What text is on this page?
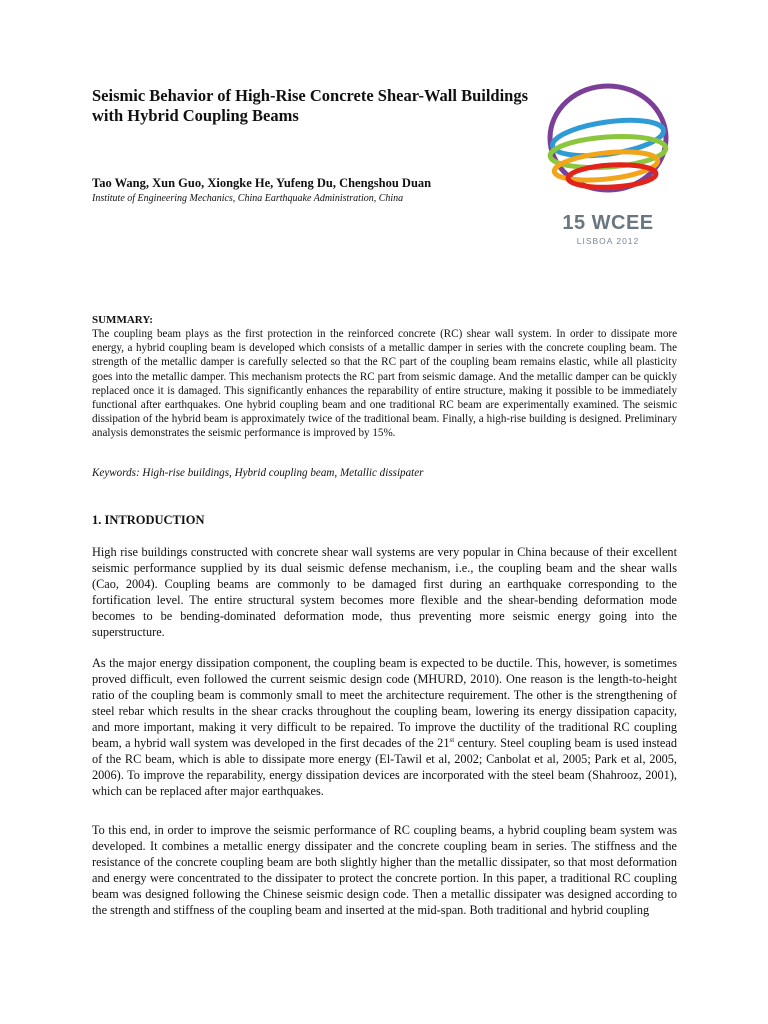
Seismic Behavior of High-Rise Concrete Shear-Wall Buildings with Hybrid Coupling Beams

Tao Wang, Xun Guo, Xiongke He, Yufeng Du, Chengshou Duan

Institute of Engineering Mechanics, China Earthquake Administration, China

15 WCEE
LISBOA 2012
SUMMARY:

The coupling beam plays as the first protection in the reinforced concrete (RC) shear wall system. In order to dissipate more energy, a hybrid coupling beam is developed which consists of a metallic damper in series with the concrete coupling beam. The strength of the metallic damper is carefully selected so that the RC part of the coupling beam remains elastic, while all plasticity goes into the metallic damper. This mechanism protects the RC part from seismic damage. And the metallic damper can be quickly replaced once it is damaged. This significantly enhances the reparability of entire structure, making it possible to be immediately functional after earthquakes. One hybrid coupling beam and one traditional RC beam are experimentally examined. The seismic dissipation of the hybrid beam is approximately twice of the traditional beam. Finally, a high-rise building is designed. Preliminary analysis demonstrates the seismic performance is improved by 15%.

Keywords: High-rise buildings, Hybrid coupling beam, Metallic dissipater

1. INTRODUCTION

High rise buildings constructed with concrete shear wall systems are very popular in China because of their excellent seismic performance supplied by its dual seismic defense mechanism, i.e., the coupling beam and the shear walls (Cao, 2004). Coupling beams are commonly to be damaged first during an earthquake corresponding to the fortification level. The entire structural system becomes more flexible and the shear-bending deformation mode becomes to be bending-dominated deformation mode, thus preventing more seismic energy going into the superstructure.

As the major energy dissipation component, the coupling beam is expected to be ductile. This, however, is sometimes proved difficult, even followed the current seismic design code (MHURD, 2010). One reason is the length-to-height ratio of the coupling beam is commonly small to meet the architecture requirement. The other is the strengthening of steel rebar which results in the shear cracks throughout the coupling beam, lowering its energy dissipation capacity, and more important, making it very difficult to be repaired. To improve the ductility of the traditional RC coupling beam, a hybrid wall system was developed in the first decades of the 21st century. Steel coupling beam is used instead of the RC beam, which is able to dissipate more energy (El-Tawil et al, 2002; Canbolat et al, 2005; Park et al, 2005, 2006). To improve the reparability, energy dissipation devices are incorporated with the steel beam (Shahrooz, 2001), which can be replaced after major earthquakes.

To this end, in order to improve the seismic performance of RC coupling beams, a hybrid coupling beam system was developed. It combines a metallic energy dissipater and the concrete coupling beam in series. The stiffness and the resistance of the concrete coupling beam are both slightly higher than the metallic dissipater, so that most deformation and energy were concentrated to the dissipater to protect the concrete portion. In this paper, a traditional RC coupling beam was designed following the Chinese seismic design code. Then a metallic dissipater was designed according to the strength and stiffness of the coupling beam and inserted at the mid-span. Both traditional and hybrid coupling
